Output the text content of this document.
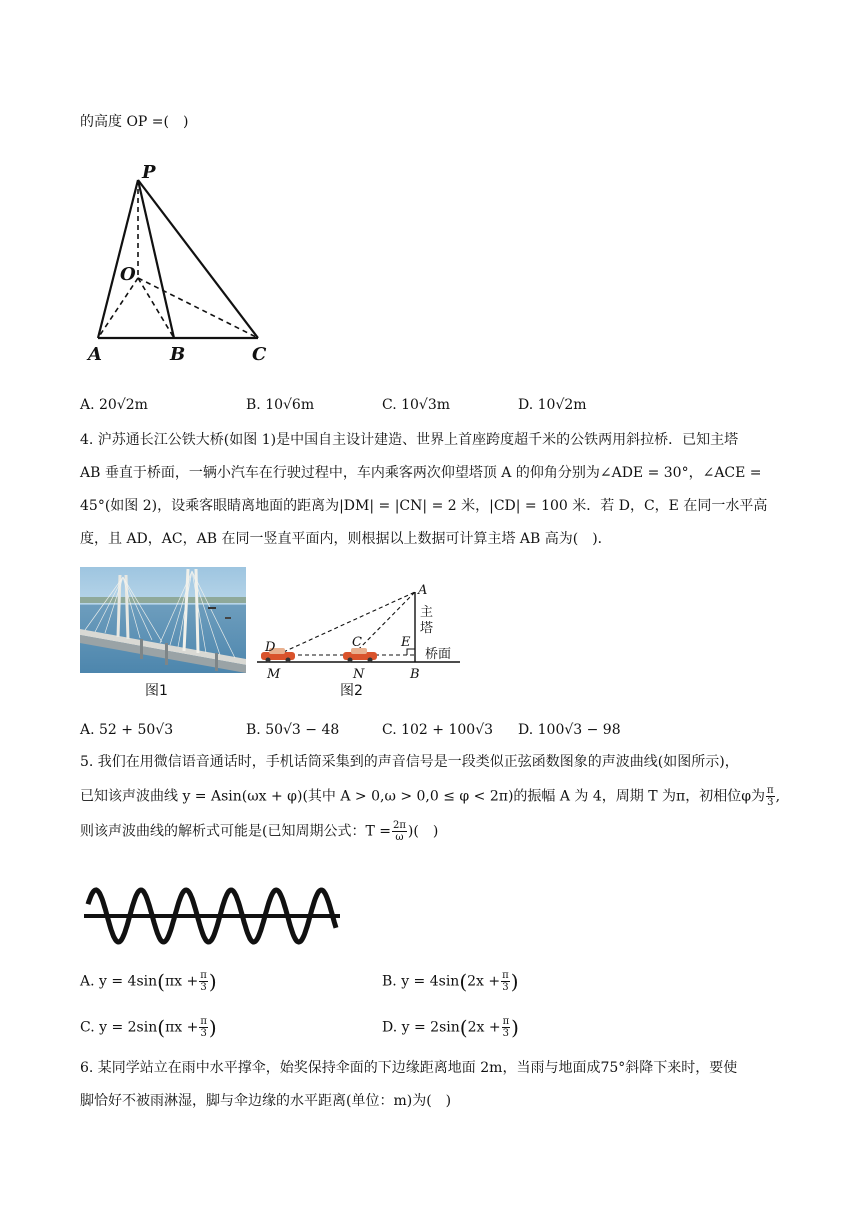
的高度 OP =(　)
P
O
A	B	C
A. 20√2m	B. 10√6m	C. 10√3m	D. 10√2m
4. 沪苏通长江公铁大桥(如图 1)是中国自主设计建造、世界上首座跨度超千米的公铁两用斜拉桥．已知主塔
AB 垂直于桥面，一辆小汽车在行驶过程中，车内乘客两次仰望塔顶 A 的仰角分别为∠ADE = 30°，∠ACE =
45°(如图 2)，设乘客眼睛离地面的距离为|DM| = |CN| = 2 米，|CD| = 100 米．若 D，C，E 在同一水平高
度，且 AD，AC，AB 在同一竖直平面内，则根据以上数据可计算主塔 AB 高为(　)．
图1
A
C
D	E
M	N	B
主
塔
桥面
图2
A. 52 + 50√3	B. 50√3 − 48	C. 102 + 100√3 D. 100√3 − 98
5. 我们在用微信语音通话时，手机话筒采集到的声音信号是一段类似正弦函数图象的声波曲线(如图所示)，
已知该声波曲线 y = Asin(ωx + φ)(其中 A > 0,ω > 0,0 ≤ φ < 2π)的振幅 A 为 4，周期 T 为π，初相位φ为 $\frac{\pi}{3}$ ,
则该声波曲线的解析式可能是(已知周期公式：$T = \frac{2\pi}{\omega}$ )(　)
A. $y = 4\sin(\pi x + \frac{\pi}{3}$ )	B. $y = 4\sin(2x + \frac{\pi}{3}$ )
C. $y = 2\sin(\pi x + \frac{\pi}{3}$ )	D. $y = 2\sin(2x + \frac{\pi}{3}$ )
6. 某同学站立在雨中水平撑伞，始奖保持伞面的下边缘距离地面 2m，当雨与地面成75°斜降下来时，要使
脚恰好不被雨淋湿，脚与伞边缘的水平距离(单位：m)为(　)
